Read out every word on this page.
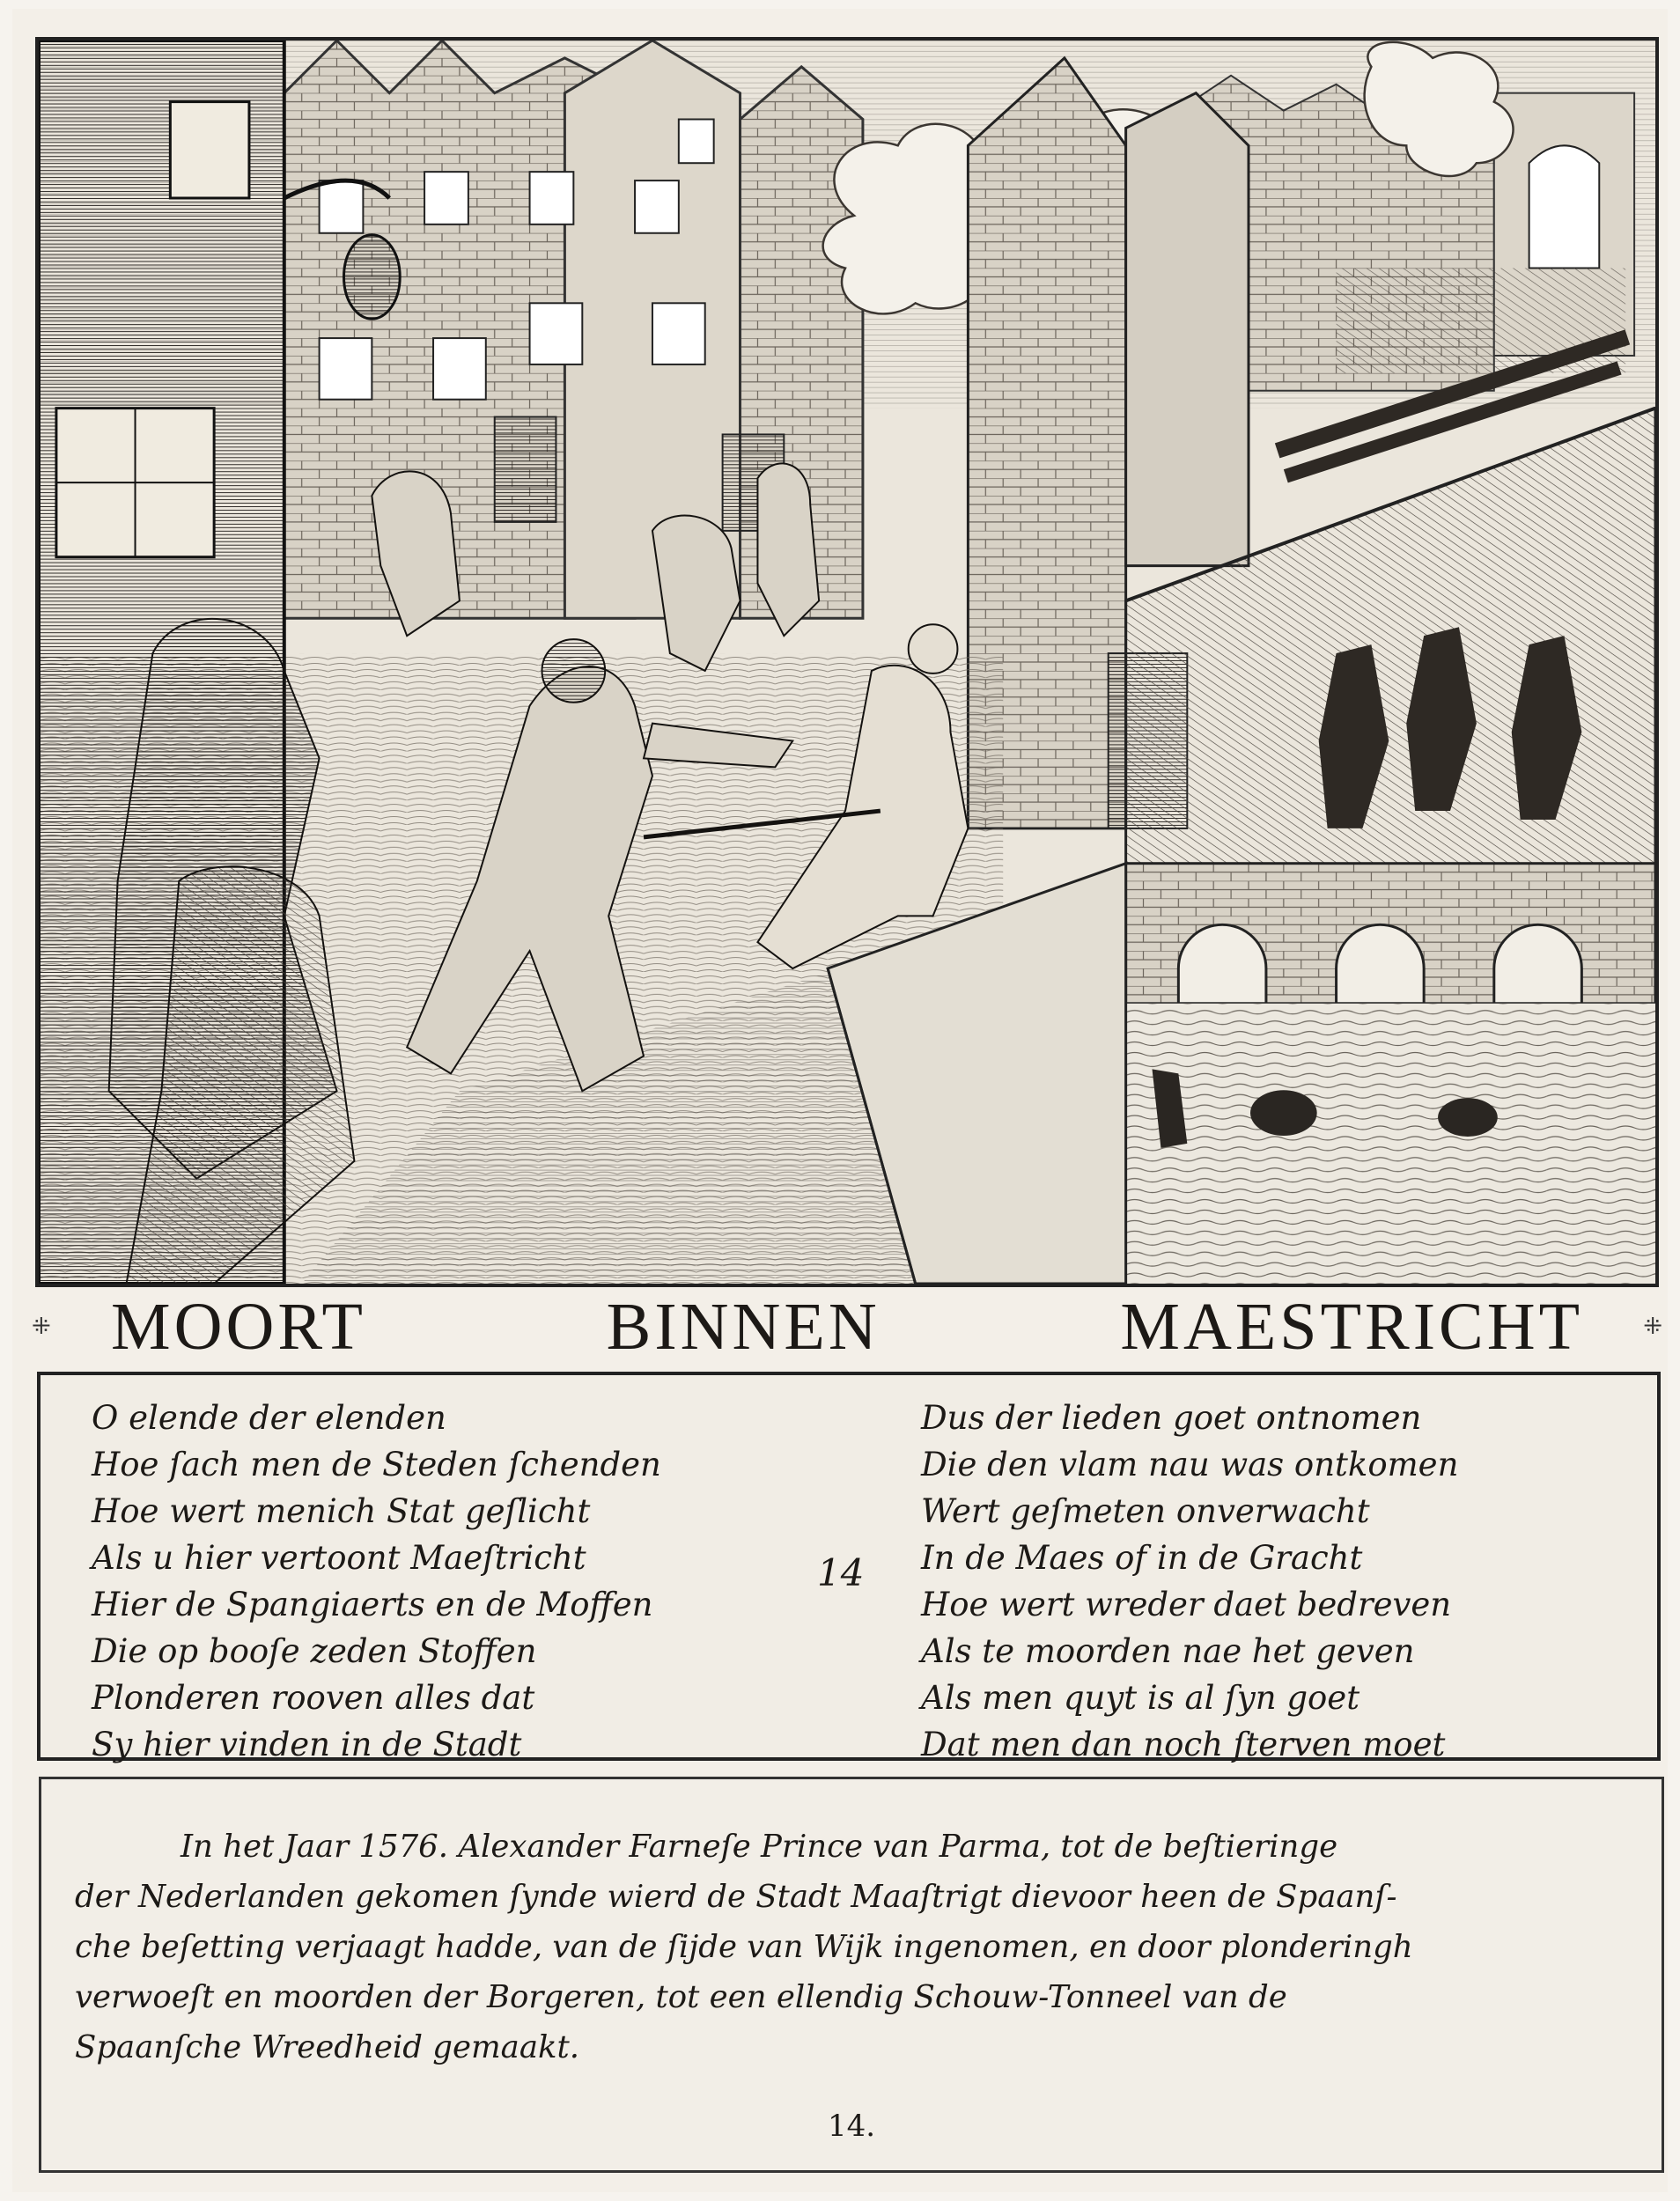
⁜ MOORT	BINNEN	MAESTRICHT	⁜
O elende der elenden
Hoe ſach men de Steden ſchenden
Hoe wert menich Stat geſlicht
Als u hier vertoont Maeſtricht
Hier de Spangiaerts en de Moffen
Die op booſe zeden Stoffen
Plonderen rooven alles dat
Sy hier vinden in de Stadt
14
Dus der lieden goet ontnomen
Die den vlam nau was ontkomen
Wert geſmeten onverwacht
In de Maes of in de Gracht
Hoe wert wreder daet bedreven
Als te moorden nae het geven
Als men quyt is al ſyn goet
Dat men dan noch ſterven moet
In het Jaar 1576. Alexander Farneſe Prince van Parma, tot de beſtieringe
der Nederlanden gekomen ſynde wierd de Stadt Maaſtrigt dievoor heen de Spaanſ-
che beſetting verjaagt hadde, van de ſijde van Wijk ingenomen, en door plonderingh
verwoeſt en moorden der Borgeren, tot een ellendig Schouw-Tonneel van de
Spaanſche Wreedheid gemaakt.
14.
